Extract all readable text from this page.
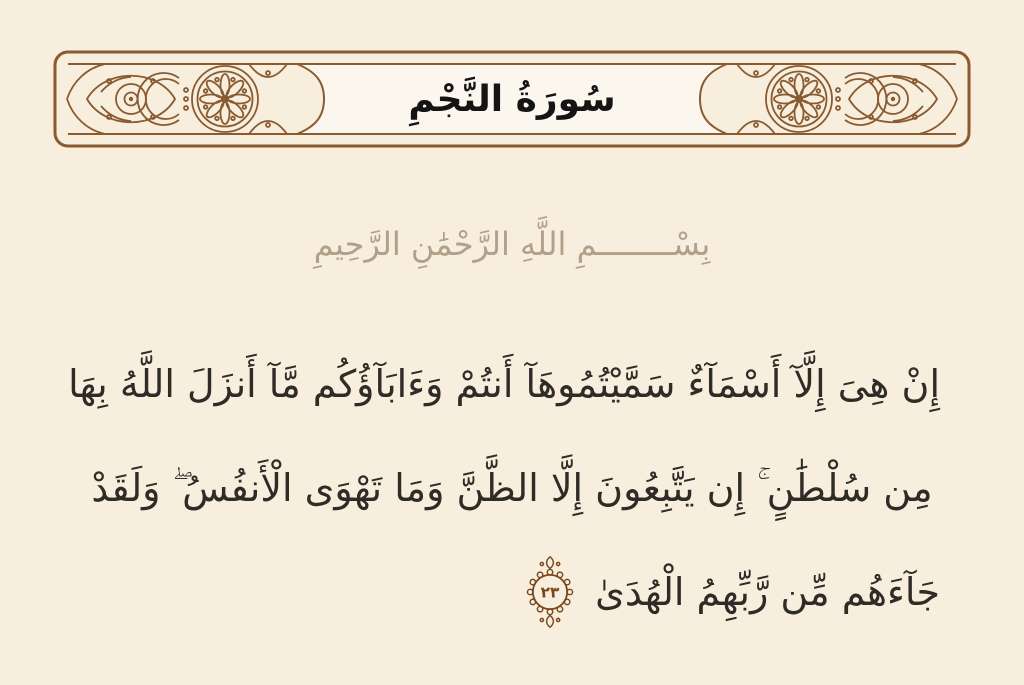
سُورَةُ النَّجْمِ
بِسْــــــــمِ اللَّهِ الرَّحْمَٰنِ الرَّحِيمِ
إِنْ هِىَ إِلَّآ أَسْمَآءٌ سَمَّيْتُمُوهَآ أَنتُمْ وَءَابَآؤُكُم مَّآ أَنزَلَ اللَّهُ بِهَا
مِن سُلْطَٰنٍ ۚ إِن يَتَّبِعُونَ إِلَّا الظَّنَّ وَمَا تَهْوَى الْأَنفُسُ ۖ وَلَقَدْ
جَآءَهُم مِّن رَّبِّهِمُ الْهُدَىٰ
٢٣
